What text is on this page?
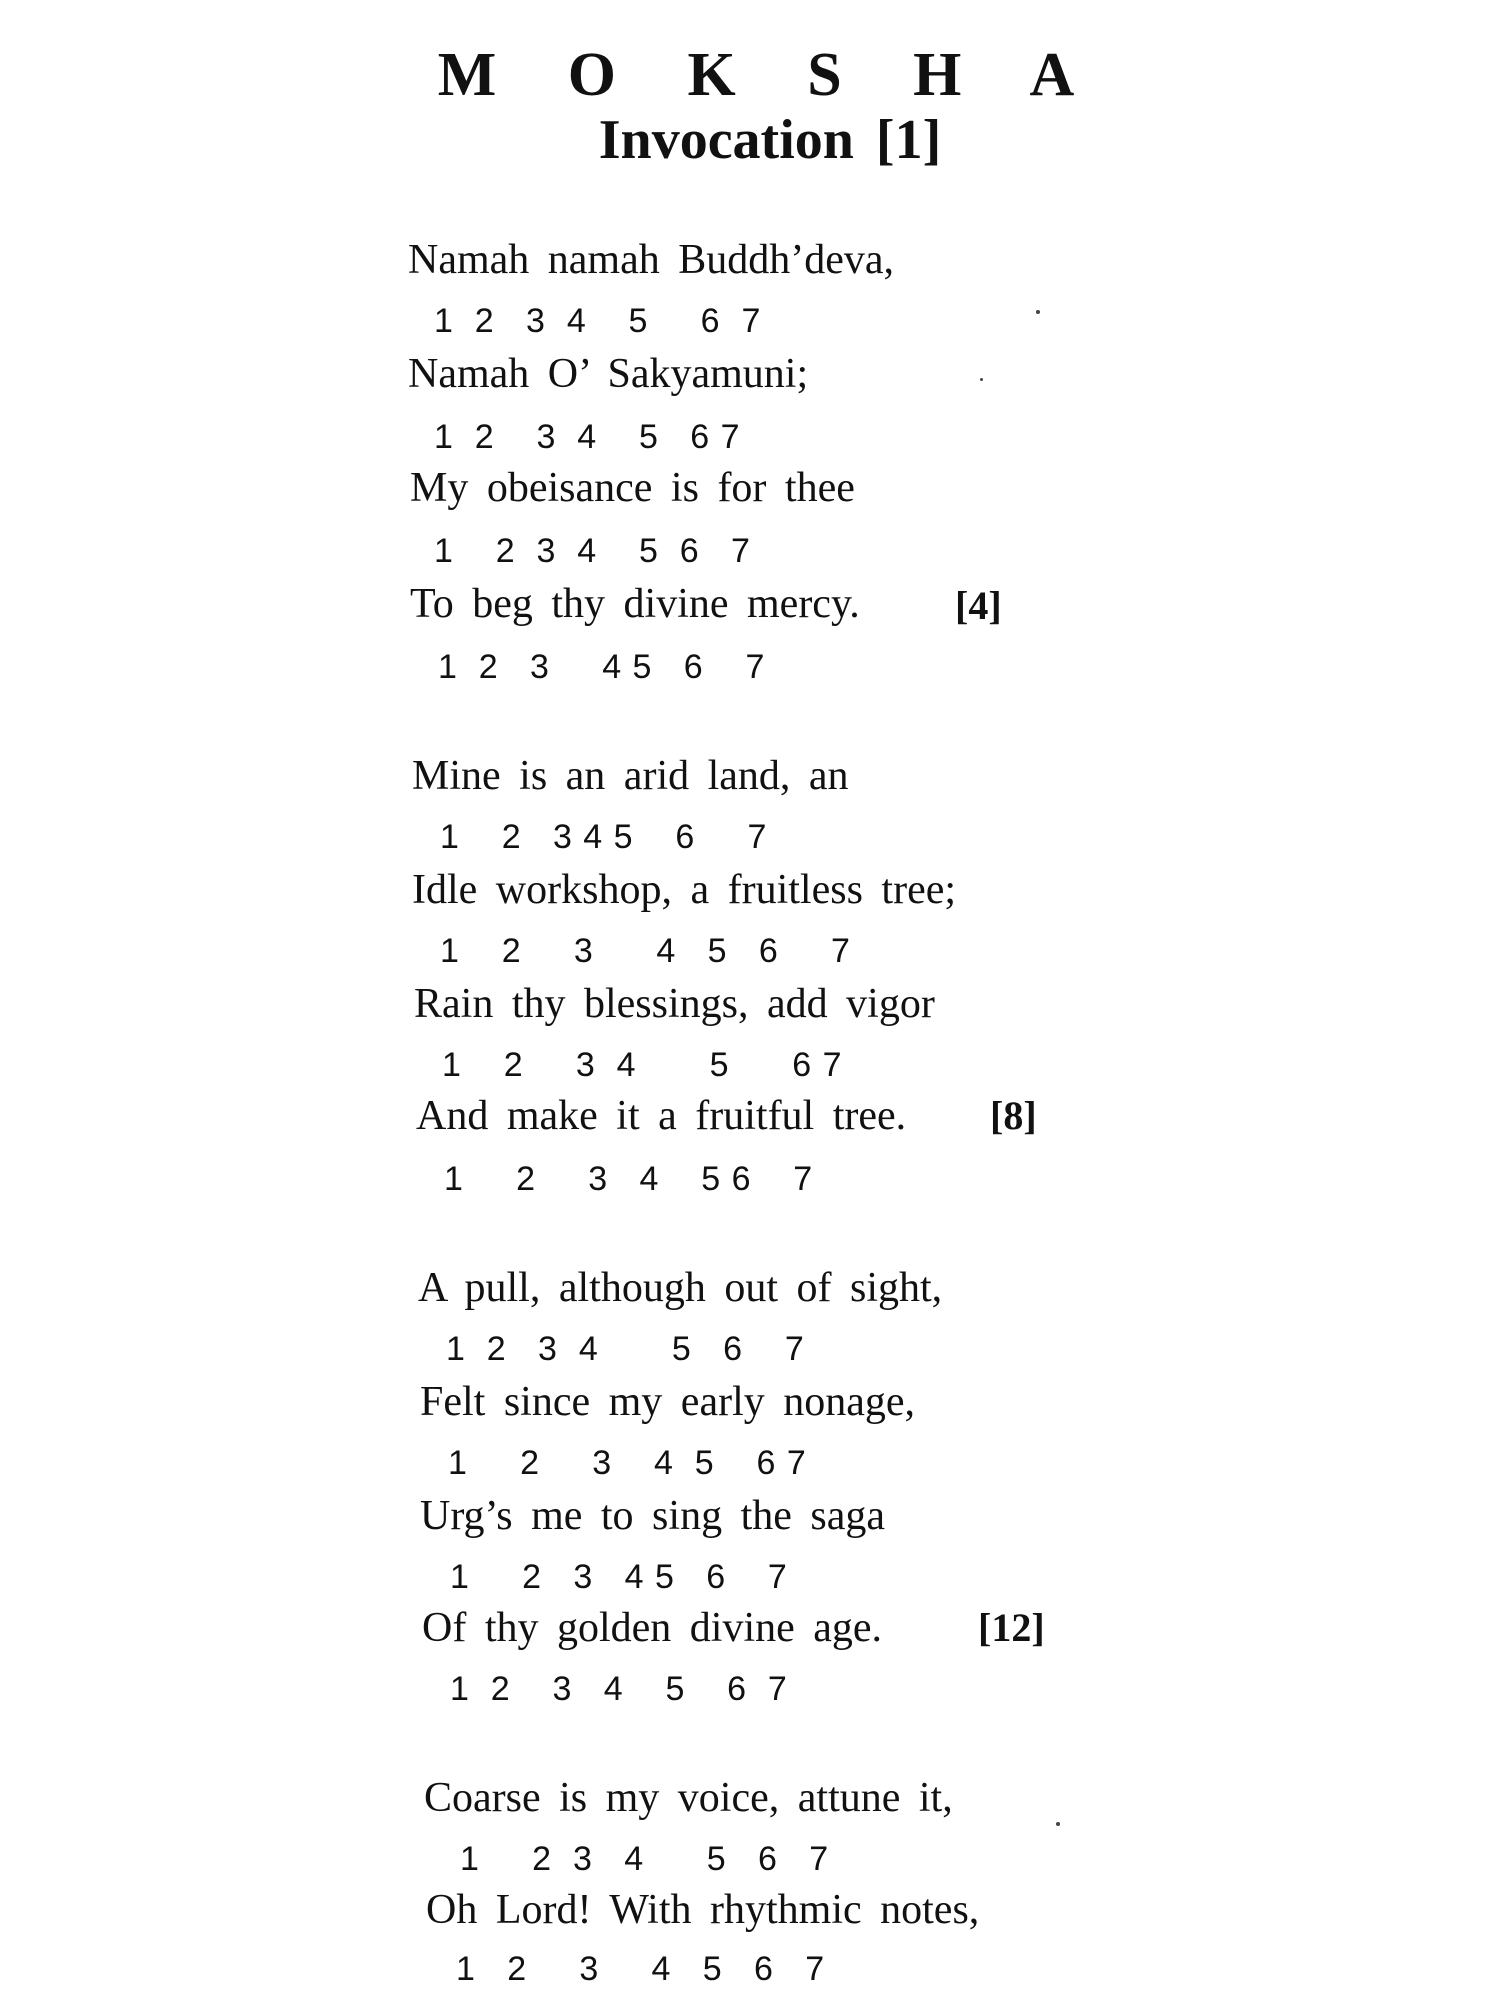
M O K S H A
Invocation [1]
Namah namah Buddh’deva,
1  2   3  4    5     6  7
Namah O’ Sakyamuni;
1  2    3  4    5   6 7
My obeisance is for thee
1    2  3  4    5  6   7
To beg thy divine mercy.
1  2   3     4 5   6    7
[4]
Mine is an arid land, an
1    2   3 4 5    6     7
Idle workshop, a fruitless tree;
1    2     3      4   5   6     7
Rain thy blessings, add vigor
1    2     3  4       5      6 7
And make it a fruitful tree.
1     2     3   4    5 6    7
[8]
A pull, although out of sight,
1  2   3  4       5   6    7
Felt since my early nonage,
1     2     3    4  5    6 7
Urg’s me to sing the saga
1     2   3   4 5   6    7
Of thy golden divine age.
1  2    3   4    5    6  7
[12]
Coarse is my voice, attune it,
1     2  3   4      5   6   7
Oh Lord! With rhythmic notes,
1   2     3     4   5   6   7
